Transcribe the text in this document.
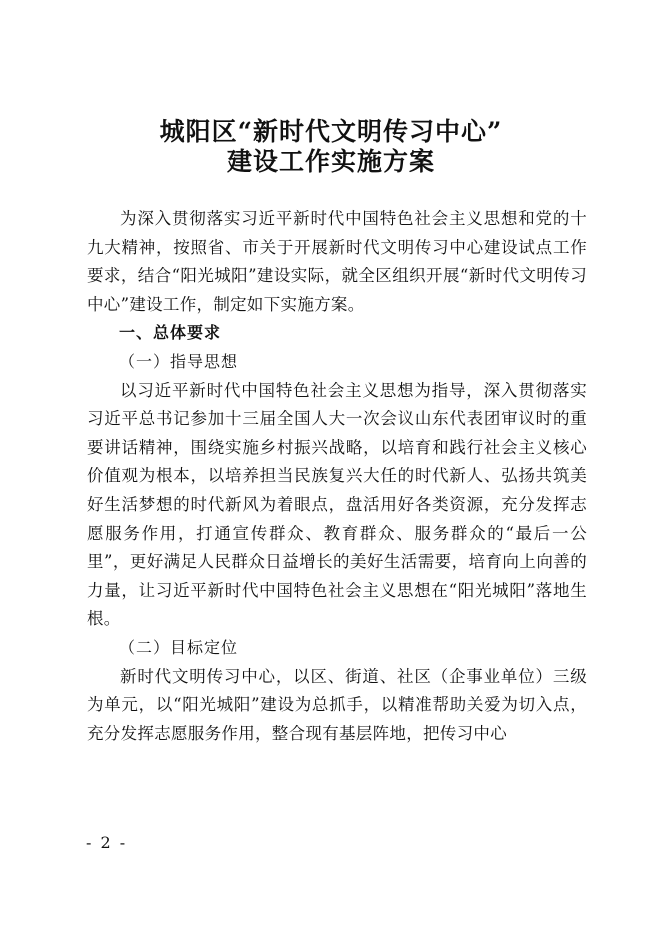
城阳区“新时代文明传习中心”
建设工作实施方案

为深入贯彻落实习近平新时代中国特色社会主义思想和党的十九大精神，按照省、市关于开展新时代文明传习中心建设试点工作要求，结合“阳光城阳”建设实际，就全区组织开展“新时代文明传习中心”建设工作，制定如下实施方案。

一、总体要求

（一）指导思想

以习近平新时代中国特色社会主义思想为指导，深入贯彻落实习近平总书记参加十三届全国人大一次会议山东代表团审议时的重要讲话精神，围绕实施乡村振兴战略，以培育和践行社会主义核心价值观为根本，以培养担当民族复兴大任的时代新人、弘扬共筑美好生活梦想的时代新风为着眼点，盘活用好各类资源，充分发挥志愿服务作用，打通宣传群众、教育群众、服务群众的“最后一公里”，更好满足人民群众日益增长的美好生活需要，培育向上向善的力量，让习近平新时代中国特色社会主义思想在“阳光城阳”落地生根。

（二）目标定位

新时代文明传习中心，以区、街道、社区（企事业单位）三级为单元，以“阳光城阳”建设为总抓手，以精准帮助关爱为切入点，充分发挥志愿服务作用，整合现有基层阵地，把传习中心

- 2 -
